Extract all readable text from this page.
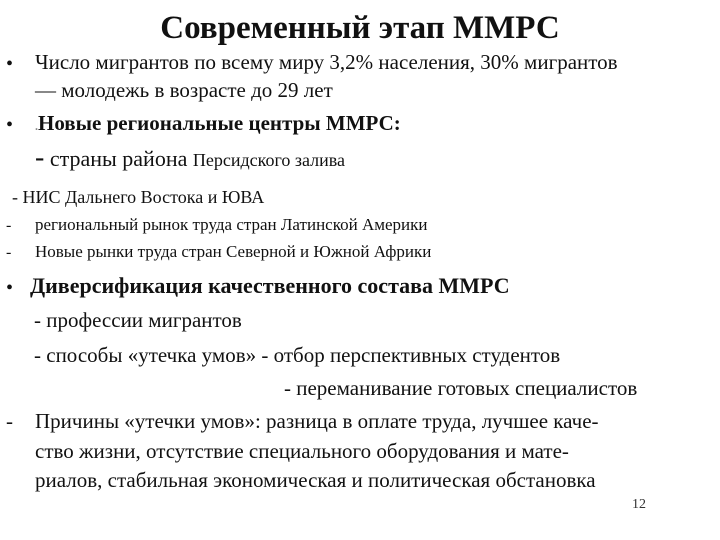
Современный этап ММРС
• Число мигрантов по всему миру 3,2% населения, 30% мигрантов
— молодежь в возрасте до 29 лет
• .Новые региональные центры ММРС:
- страны района Персидского залива
- НИС Дальнего Востока и ЮВА
- региональный рынок труда стран Латинской Америки
- Новые рынки труда стран Северной и Южной Африки
• Диверсификация качественного состава ММРС
- профессии мигрантов
- способы «утечка умов» - отбор перспективных студентов
- переманивание готовых специалистов
- Причины «утечки умов»: разница в оплате труда, лучшее каче-
ство жизни, отсутствие специального оборудования и мате-
риалов, стабильная экономическая и политическая обстановка
12
